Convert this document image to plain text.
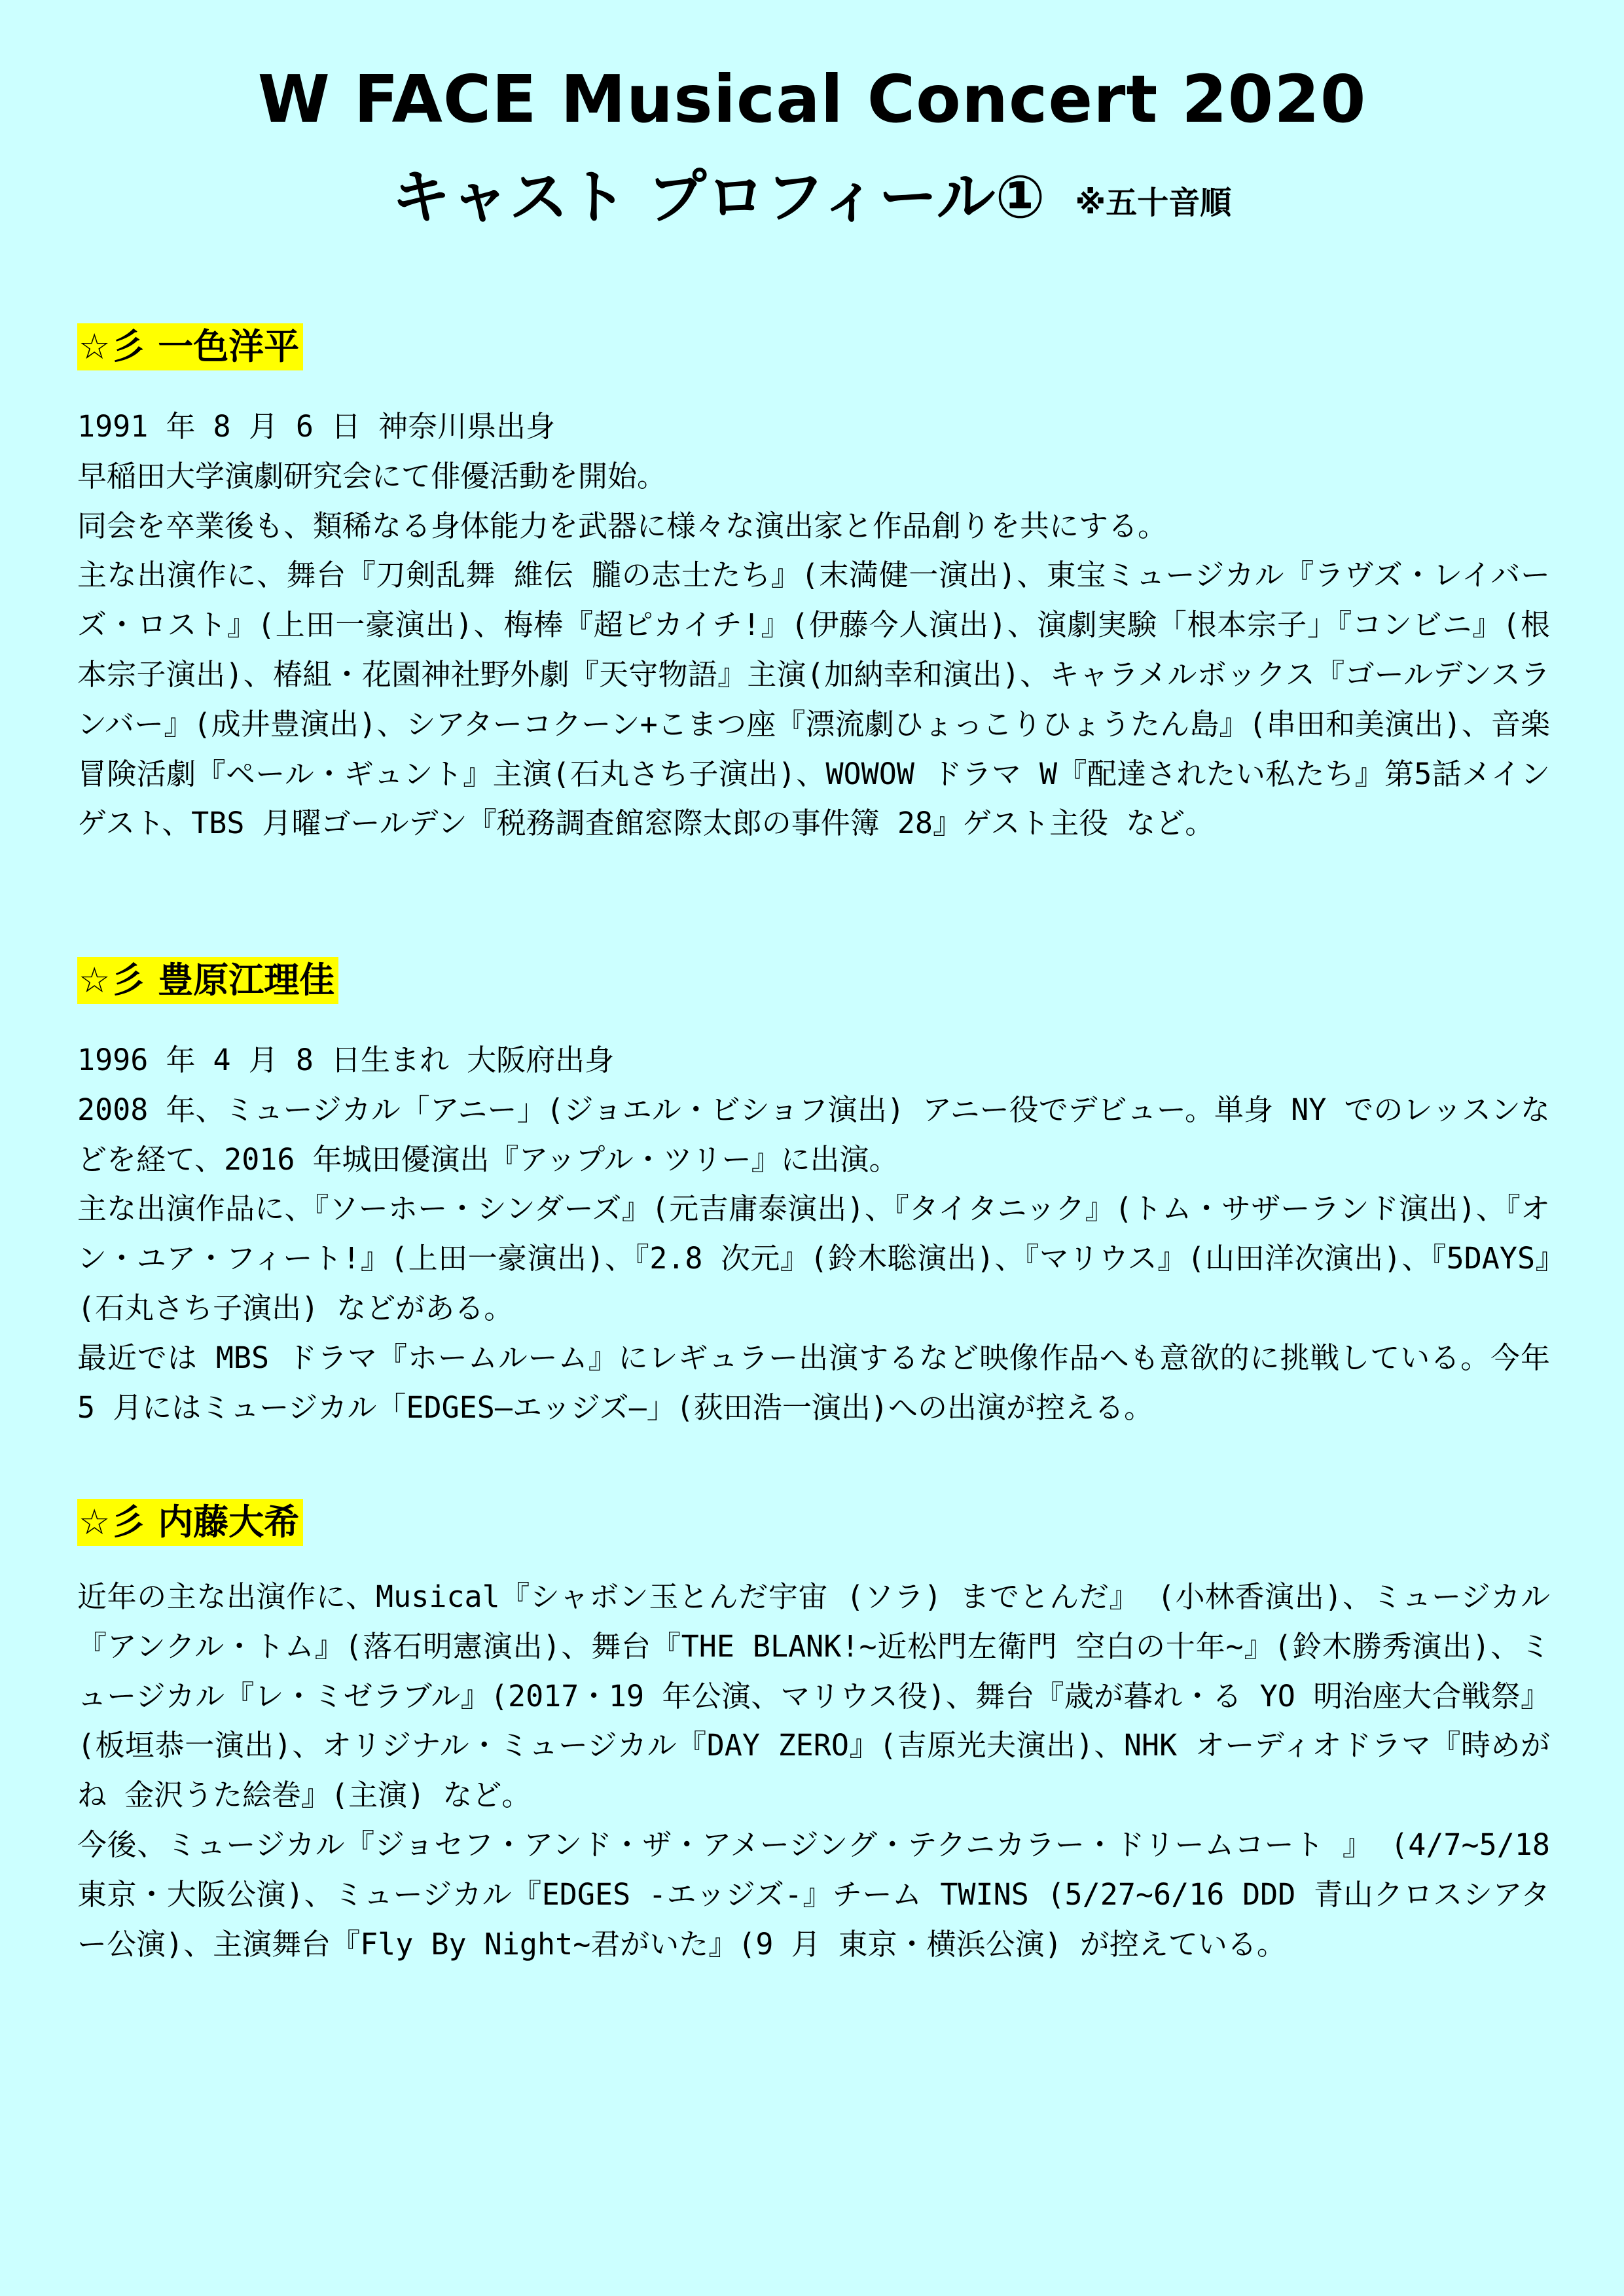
W FACE Musical Concert 2020
キャスト プロフィール① ※五十音順
☆彡 一色洋平

1991 年 8 月 6 日 神奈川県出身

早稲田大学演劇研究会にて俳優活動を開始。

同会を卒業後も、類稀なる身体能力を武器に様々な演出家と作品創りを共にする。

主な出演作に、舞台『刀剣乱舞 維伝 朧の志士たち』(末満健一演出)、東宝ミュージカル『ラヴズ・レイバーズ・ロスト』(上田一豪演出)、梅棒『超ピカイチ!』(伊藤今人演出)、演劇実験「根本宗子」『コンビニ』(根本宗子演出)、椿組・花園神社野外劇『天守物語』主演(加納幸和演出)、キャラメルボックス『ゴールデンスランバー』(成井豊演出)、シアターコクーン+こまつ座『漂流劇ひょっこりひょうたん島』(串田和美演出)、音楽冒険活劇『ペール・ギュント』主演(石丸さち子演出)、WOWOW ドラマ W『配達されたい私たち』第5話メインゲスト、TBS 月曜ゴールデン『税務調査館窓際太郎の事件簿 28』ゲスト主役 など。

☆彡 豊原江理佳

1996 年 4 月 8 日生まれ 大阪府出身

2008 年、ミュージカル「アニー」(ジョエル・ビショフ演出) アニー役でデビュー。単身 NY でのレッスンなどを経て、2016 年城田優演出『アップル・ツリー』に出演。

主な出演作品に、『ソーホー・シンダーズ』(元吉庸泰演出)、『タイタニック』(トム・サザーランド演出)、『オン・ユア・フィート!』(上田一豪演出)、『2.8 次元』(鈴木聡演出)、『マリウス』(山田洋次演出)、『5DAYS』(石丸さち子演出) などがある。

最近では MBS ドラマ『ホームルーム』にレギュラー出演するなど映像作品へも意欲的に挑戦している。今年 5 月にはミュージカル「EDGES―エッジズ―」(荻田浩一演出)への出演が控える。

☆彡 内藤大希

近年の主な出演作に、Musical『シャボン玉とんだ宇宙 (ソラ) までとんだ』 (小林香演出)、ミュージカル『アンクル・トム』(落石明憲演出)、舞台『THE BLANK!~近松門左衛門 空白の十年~』(鈴木勝秀演出)、ミュージカル『レ・ミゼラブル』(2017・19 年公演、マリウス役)、舞台『歳が暮れ・る YO 明治座大合戦祭』(板垣恭一演出)、オリジナル・ミュージカル『DAY ZERO』(吉原光夫演出)、NHK オーディオドラマ『時めがね 金沢うた絵巻』(主演) など。

今後、ミュージカル『ジョセフ・アンド・ザ・アメージング・テクニカラー・ドリームコート 』 (4/7~5/18 東京・大阪公演)、ミュージカル『EDGES -エッジズ-』チーム TWINS (5/27~6/16 DDD 青山クロスシアター公演)、主演舞台『Fly By Night~君がいた』(9 月 東京・横浜公演) が控えている。
